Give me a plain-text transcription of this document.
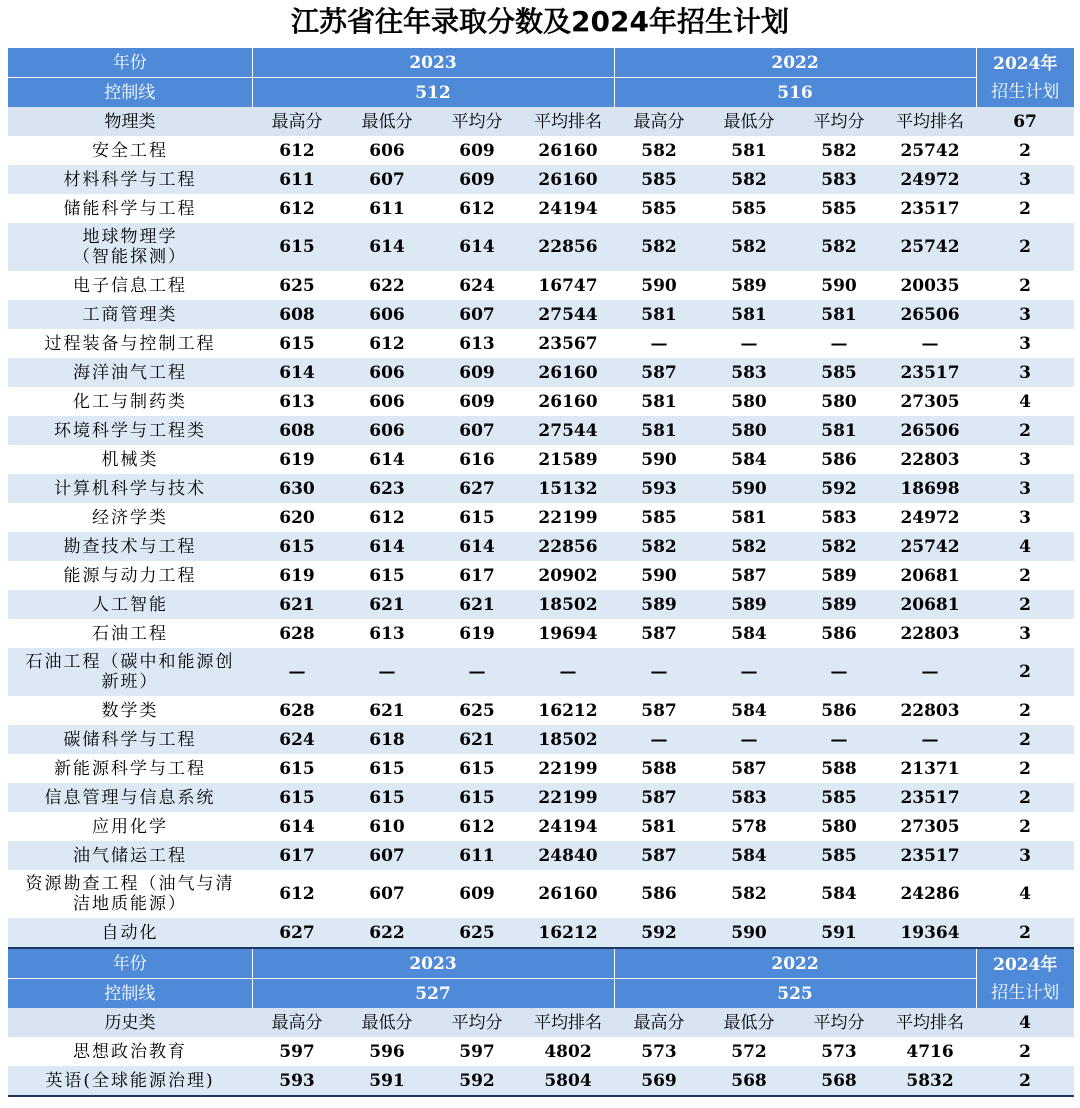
江苏省往年录取分数及2024年招生计划
年份	2023				2022				2024年
招生计划

控制线	512				516				
物理类	最高分	最低分	平均分	平均排名	最高分	最低分	平均分	平均排名	67

安全工程	612	606	609	26160	582	581	582	25742	2

材料科学与工程	611	607	609	26160	585	582	583	24972	3

储能科学与工程	612	611	612	24194	585	585	585	23517	2

地球物理学
（智能探测）	615	614	614	22856	582	582	582	25742	2

电子信息工程	625	622	624	16747	590	589	590	20035	2

工商管理类	608	606	607	27544	581	581	581	26506	3

过程装备与控制工程	615	612	613	23567	—	—	—	—	3

海洋油气工程	614	606	609	26160	587	583	585	23517	3

化工与制药类	613	606	609	26160	581	580	580	27305	4

环境科学与工程类	608	606	607	27544	581	580	581	26506	2

机械类	619	614	616	21589	590	584	586	22803	3

计算机科学与技术	630	623	627	15132	593	590	592	18698	3

经济学类	620	612	615	22199	585	581	583	24972	3

勘查技术与工程	615	614	614	22856	582	582	582	25742	4

能源与动力工程	619	615	617	20902	590	587	589	20681	2

人工智能	621	621	621	18502	589	589	589	20681	2

石油工程	628	613	619	19694	587	584	586	22803	3

石油工程（碳中和能源创
新班）	—	—	—	—	—	—	—	—	2

数学类	628	621	625	16212	587	584	586	22803	2

碳储科学与工程	624	618	621	18502	—	—	—	—	2

新能源科学与工程	615	615	615	22199	588	587	588	21371	2

信息管理与信息系统	615	615	615	22199	587	583	585	23517	2

应用化学	614	610	612	24194	581	578	580	27305	2

油气储运工程	617	607	611	24840	587	584	585	23517	3

资源勘查工程（油气与清
洁地质能源）	612	607	609	26160	586	582	584	24286	4

自动化	627	622	625	16212	592	590	591	19364	2
年份	2023				2022				2024年
招生计划

控制线	527				525				
历史类	最高分	最低分	平均分	平均排名	最高分	最低分	平均分	平均排名	4

思想政治教育	597	596	597	4802	573	572	573	4716	2

英语(全球能源治理)	593	591	592	5804	569	568	568	5832	2
